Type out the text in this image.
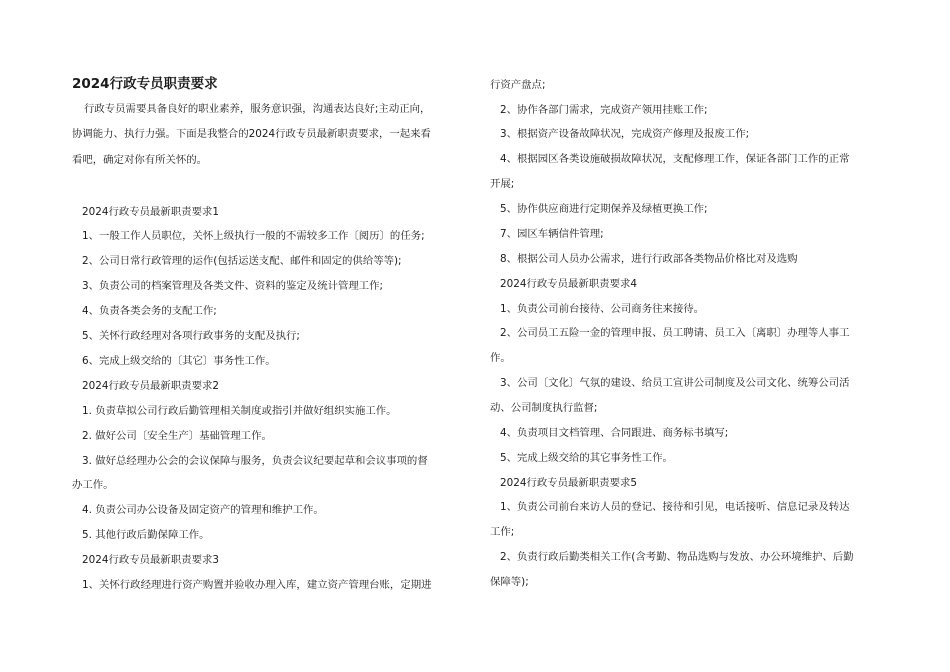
2024行政专员职责要求

行政专员需要具备良好的职业素养，服务意识强，沟通表达良好;主动正向，

协调能力、执行力强。下面是我整合的2024行政专员最新职责要求，一起来看

看吧，确定对你有所关怀的。

2024行政专员最新职责要求1

1、一般工作人员职位，关怀上级执行一般的不需较多工作〔阅历〕的任务;

2、公司日常行政管理的运作(包括运送支配、邮件和固定的供给等等);

3、负责公司的档案管理及各类文件、资料的鉴定及统计管理工作;

4、负责各类会务的支配工作;

5、关怀行政经理对各项行政事务的支配及执行;

6、完成上级交给的〔其它〕事务性工作。

2024行政专员最新职责要求2

1. 负责草拟公司行政后勤管理相关制度或指引并做好组织实施工作。

2. 做好公司〔安全生产〕基础管理工作。

3. 做好总经理办公会的会议保障与服务，负责会议纪要起草和会议事项的督

办工作。

4. 负责公司办公设备及固定资产的管理和维护工作。

5. 其他行政后勤保障工作。

2024行政专员最新职责要求3

1、关怀行政经理进行资产购置并验收办理入库，建立资产管理台账，定期进

行资产盘点;

2、协作各部门需求，完成资产领用挂账工作;

3、根据资产设备故障状况，完成资产修理及报废工作;

4、根据园区各类设施破损故障状况，支配修理工作，保证各部门工作的正常

开展;

5、协作供应商进行定期保养及绿植更换工作;

7、园区车辆信件管理;

8、根据公司人员办公需求，进行行政部各类物品价格比对及选购

2024行政专员最新职责要求4

1、负责公司前台接待、公司商务往来接待。

2、公司员工五险一金的管理申报、员工聘请、员工入〔离职〕办理等人事工

作。

3、公司〔文化〕气氛的建设、给员工宣讲公司制度及公司文化、统筹公司活

动、公司制度执行监督;

4、负责项目文档管理、合同跟进、商务标书填写;

5、完成上级交给的其它事务性工作。

2024行政专员最新职责要求5

1、负责公司前台来访人员的登记、接待和引见，电话接听、信息记录及转达

工作;

2、负责行政后勤类相关工作(含考勤、物品选购与发放、办公环境维护、后勤

保障等);
